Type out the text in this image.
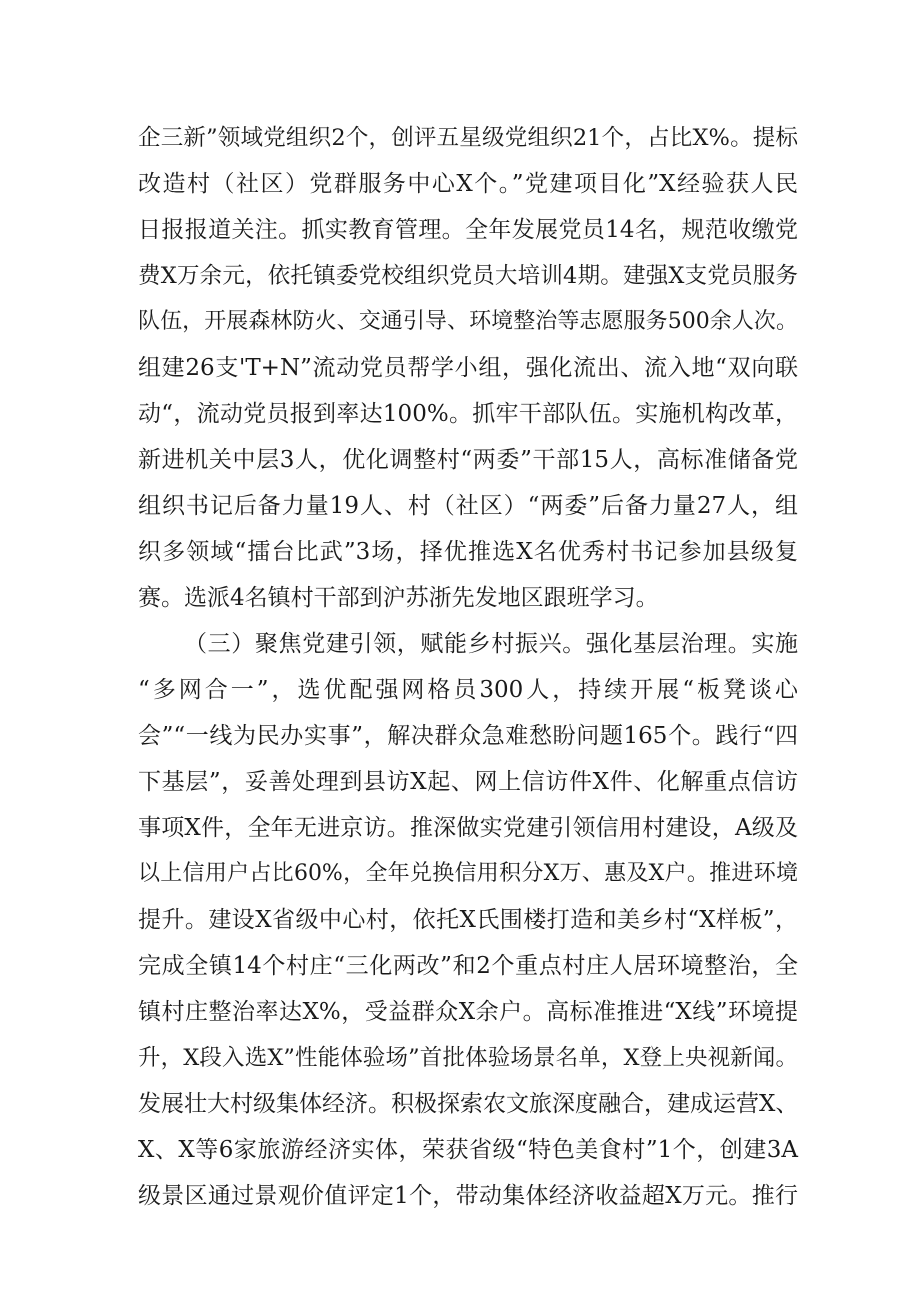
企三新”领域党组织2个，创评五星级党组织21个，占比X%。提标
改造村（社区）党群服务中心X个。”党建项目化”X经验获人民
日报报道关注。抓实教育管理。全年发展党员14名，规范收缴党
费X万余元，依托镇委党校组织党员大培训4期。建强X支党员服务
队伍，开展森林防火、交通引导、环境整治等志愿服务500余人次。
组建26支'T+N”流动党员帮学小组，强化流出、流入地“双向联
动“，流动党员报到率达100%。抓牢干部队伍。实施机构改革，
新进机关中层3人，优化调整村“两委”干部15人，高标准储备党
组织书记后备力量19人、村（社区）“两委”后备力量27人，组
织多领域“擂台比武”3场，择优推选X名优秀村书记参加县级复
赛。选派4名镇村干部到沪苏浙先发地区跟班学习。
（三）聚焦党建引领，赋能乡村振兴。强化基层治理。实施
“多网合一”，选优配强网格员300人，持续开展“板凳谈心
会”“一线为民办实事”，解决群众急难愁盼问题165个。践行“四
下基层”，妥善处理到县访X起、网上信访件X件、化解重点信访
事项X件，全年无进京访。推深做实党建引领信用村建设，A级及
以上信用户占比60%，全年兑换信用积分X万、惠及X户。推进环境
提升。建设X省级中心村，依托X氏围楼打造和美乡村“X样板”，
完成全镇14个村庄“三化两改”和2个重点村庄人居环境整治，全
镇村庄整治率达X%，受益群众X余户。高标准推进“X线”环境提
升，X段入选X”性能体验场”首批体验场景名单，X登上央视新闻。
发展壮大村级集体经济。积极探索农文旅深度融合，建成运营X、
X、X等6家旅游经济实体，荣获省级“特色美食村”1个，创建3A
级景区通过景观价值评定1个，带动集体经济收益超X万元。推行
